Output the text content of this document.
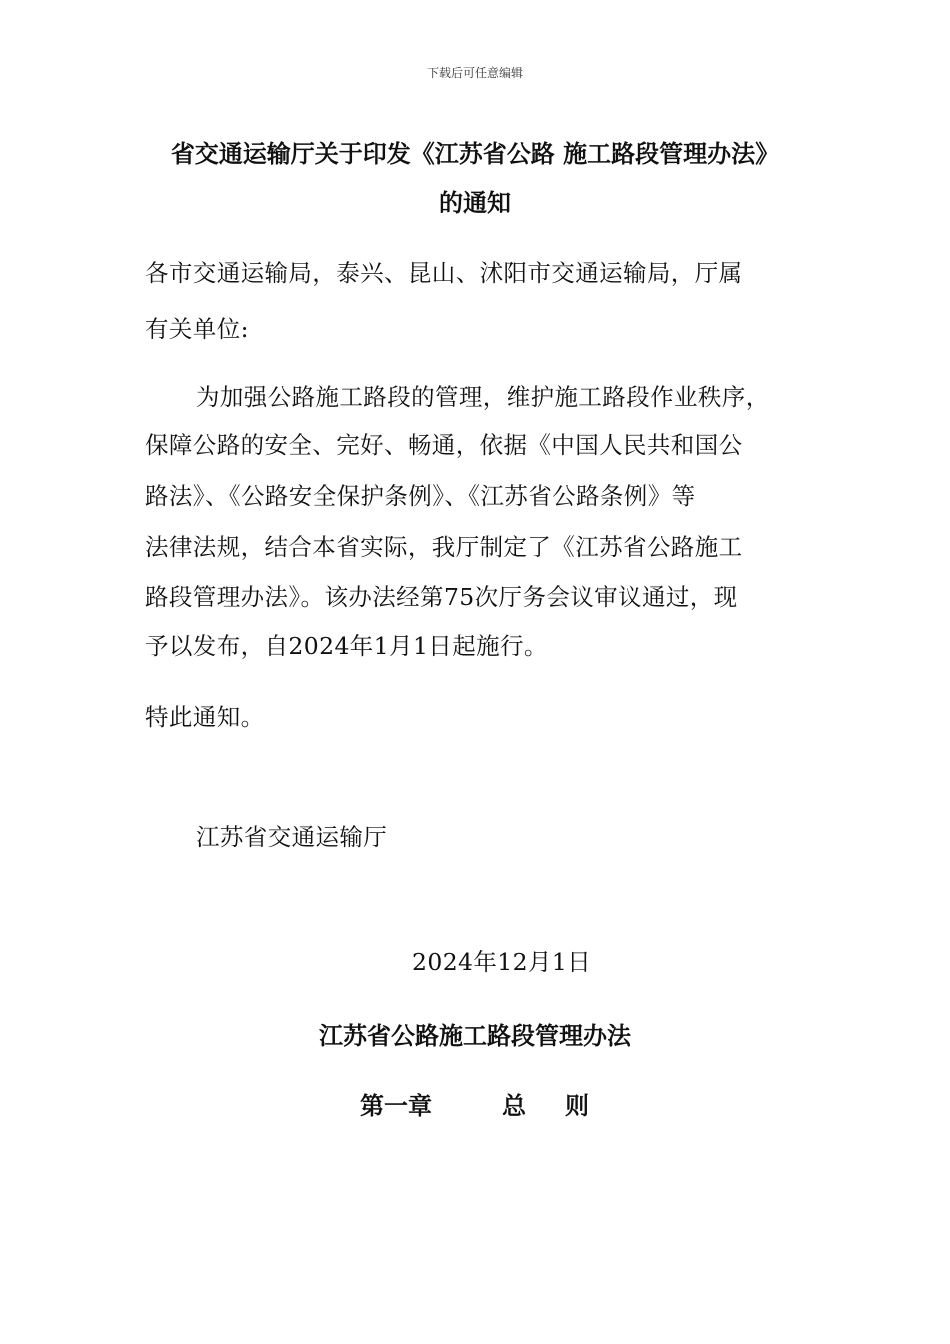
下载后可任意编辑
省交通运输厅关于印发《江苏省公路 施工路段管理办法》
的通知
各市交通运输局，泰兴、昆山、沭阳市交通运输局，厅属
有关单位:
为加强公路施工路段的管理，维护施工路段作业秩序，
保障公路的安全、完好、畅通，依据《中国人民共和国公
路法》、《公路安全保护条例》、《江苏省公路条例》等
法律法规，结合本省实际，我厅制定了《江苏省公路施工
路段管理办法》。该办法经第75次厅务会议审议通过，现
予以发布，自2024年1月1日起施行。
特此通知。
江苏省交通运输厅
2024年12月1日
江苏省公路施工路段管理办法
第一章	总 则
